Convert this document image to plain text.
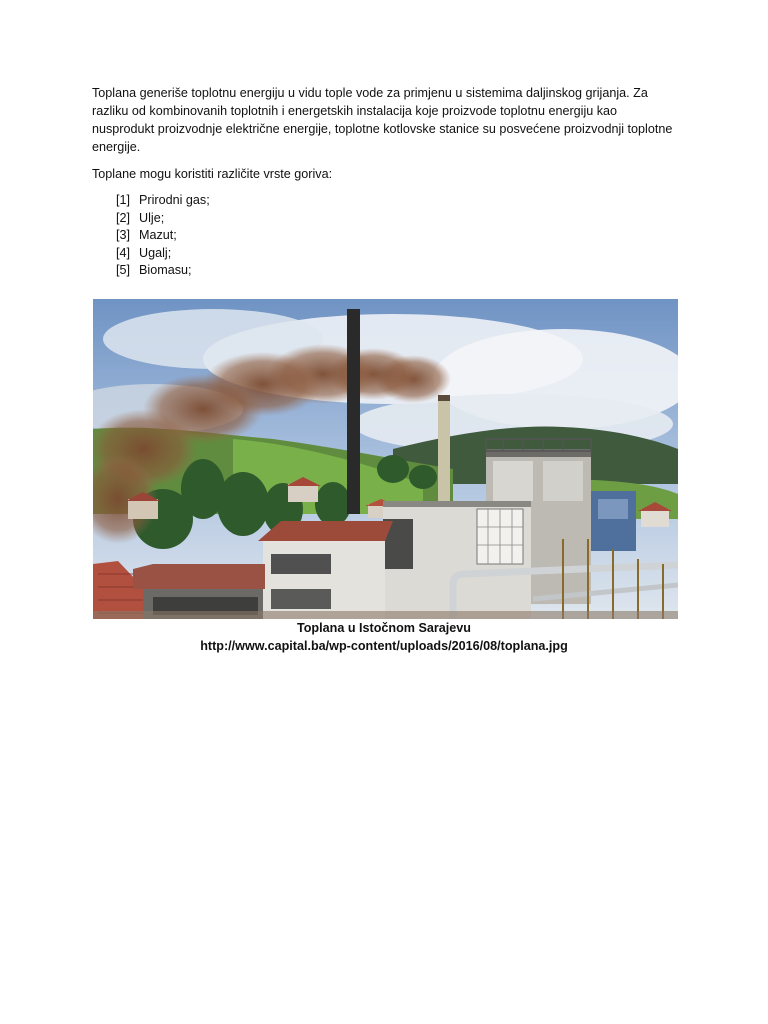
Toplana generiše toplotnu energiju u vidu tople vode za primjenu u sistemima daljinskog grijanja. Za razliku od kombinovanih toplotnih i energetskih instalacija koje proizvode toplotnu energiju kao nusprodukt proizvodnje električne energije, toplotne kotlovske stanice su posvećene proizvodnji toplotne energije.

Toplane mogu koristiti različite vrste goriva:

[1] Prirodni gas;
[2] Ulje;
[3] Mazut;
[4] Ugalj;
[5] Biomasu;
Toplana u Istočnom Sarajevu
http://www.capital.ba/wp-content/uploads/2016/08/toplana.jpg
